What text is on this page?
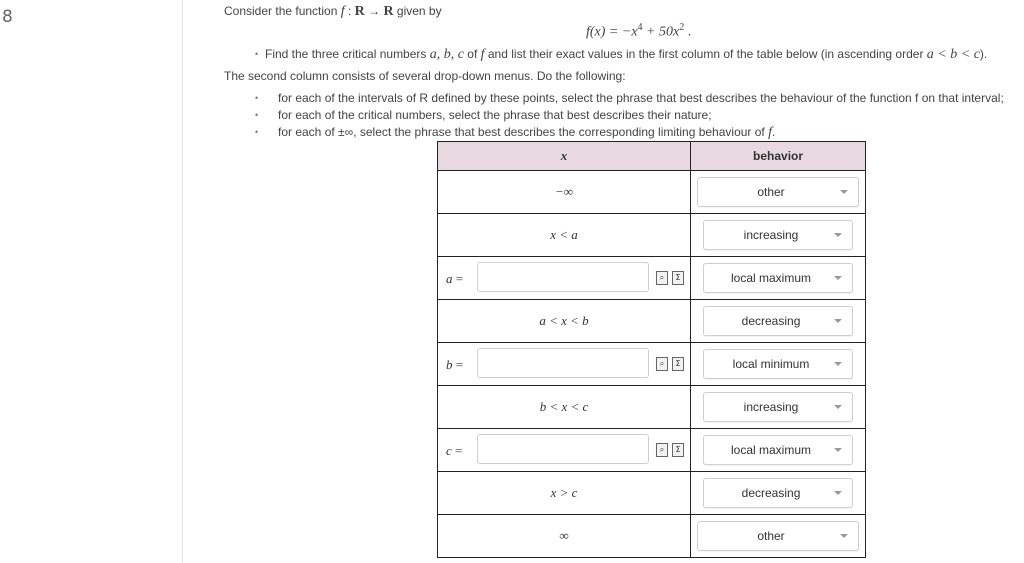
8	Consider the function f : R → R given by
$f(x) = -x^4 + 50x^2$ .
• Find the three critical numbers a, b, c of f and list their exact values in the first column of the table below (in ascending order a < b < c).
The second column consists of several drop-down menus. Do the following:
• for each of the intervals of R defined by these points, select the phrase that best describes the behaviour of the function f on that interval;
• for each of the critical numbers, select the phrase that best describes their nature;
• for each of ±∞, select the phrase that best describes the corresponding limiting behaviour of f.
x	behavior
−∞	other

x < a	increasing

a = ⌕ Σ	local maximum

a < x < b	decreasing

b = ⌕ Σ	local minimum

b < x < c	increasing

c = ⌕ Σ	local maximum

x > c	decreasing

∞	other
